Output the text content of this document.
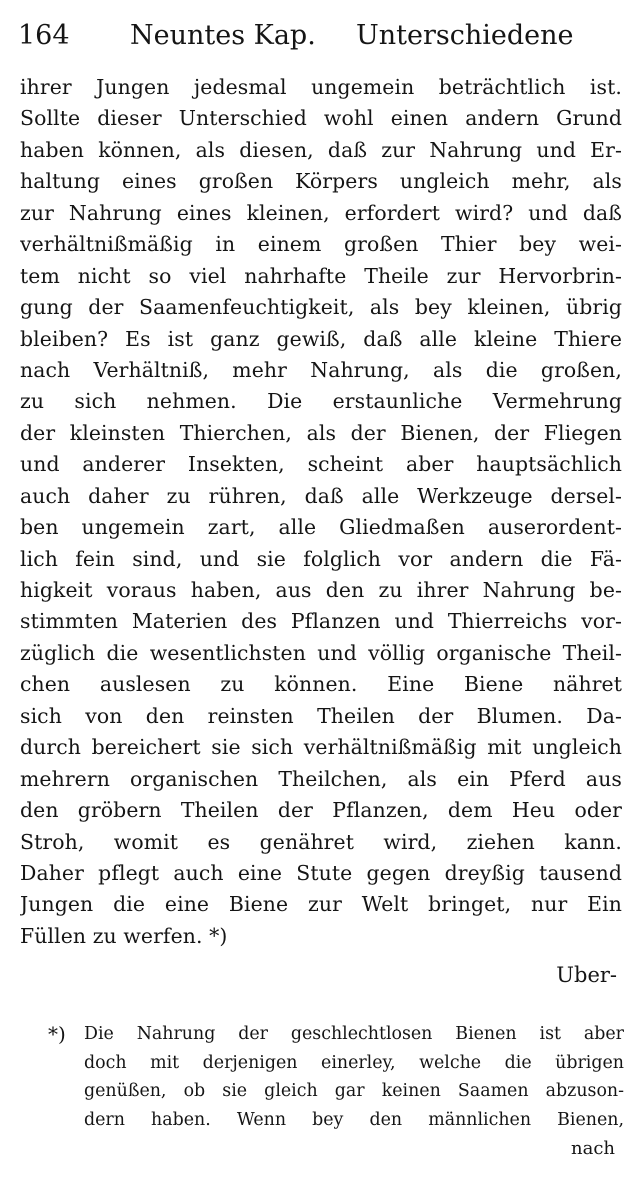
164 Neuntes Kap. Unterschiedene
ihrer Jungen jedesmal ungemein beträchtlich ist.
Sollte dieser Unterschied wohl einen andern Grund
haben können, als diesen, daß zur Nahrung und Er-
haltung eines großen Körpers ungleich mehr, als
zur Nahrung eines kleinen, erfordert wird? und daß
verhältnißmäßig in einem großen Thier bey wei-
tem nicht so viel nahrhafte Theile zur Hervorbrin-
gung der Saamenfeuchtigkeit, als bey kleinen, übrig
bleiben? Es ist ganz gewiß, daß alle kleine Thiere
nach Verhältniß, mehr Nahrung, als die großen,
zu sich nehmen. Die erstaunliche Vermehrung
der kleinsten Thierchen, als der Bienen, der Fliegen
und anderer Insekten, scheint aber hauptsächlich
auch daher zu rühren, daß alle Werkzeuge dersel-
ben ungemein zart, alle Gliedmaßen auserordent-
lich fein sind, und sie folglich vor andern die Fä-
higkeit voraus haben, aus den zu ihrer Nahrung be-
stimmten Materien des Pflanzen und Thierreichs vor-
züglich die wesentlichsten und völlig organische Theil-
chen auslesen zu können. Eine Biene nähret
sich von den reinsten Theilen der Blumen. Da-
durch bereichert sie sich verhältnißmäßig mit ungleich
mehrern organischen Theilchen, als ein Pferd aus
den gröbern Theilen der Pflanzen, dem Heu oder
Stroh, womit es genähret wird, ziehen kann.
Daher pflegt auch eine Stute gegen dreyßig tausend
Jungen die eine Biene zur Welt bringet, nur Ein
Füllen zu werfen. *)
Uber-
*) Die Nahrung der geschlechtlosen Bienen ist aber
doch mit derjenigen einerley, welche die übrigen
genüßen, ob sie gleich gar keinen Saamen abzuson-
dern haben. Wenn bey den männlichen Bienen,
nach
